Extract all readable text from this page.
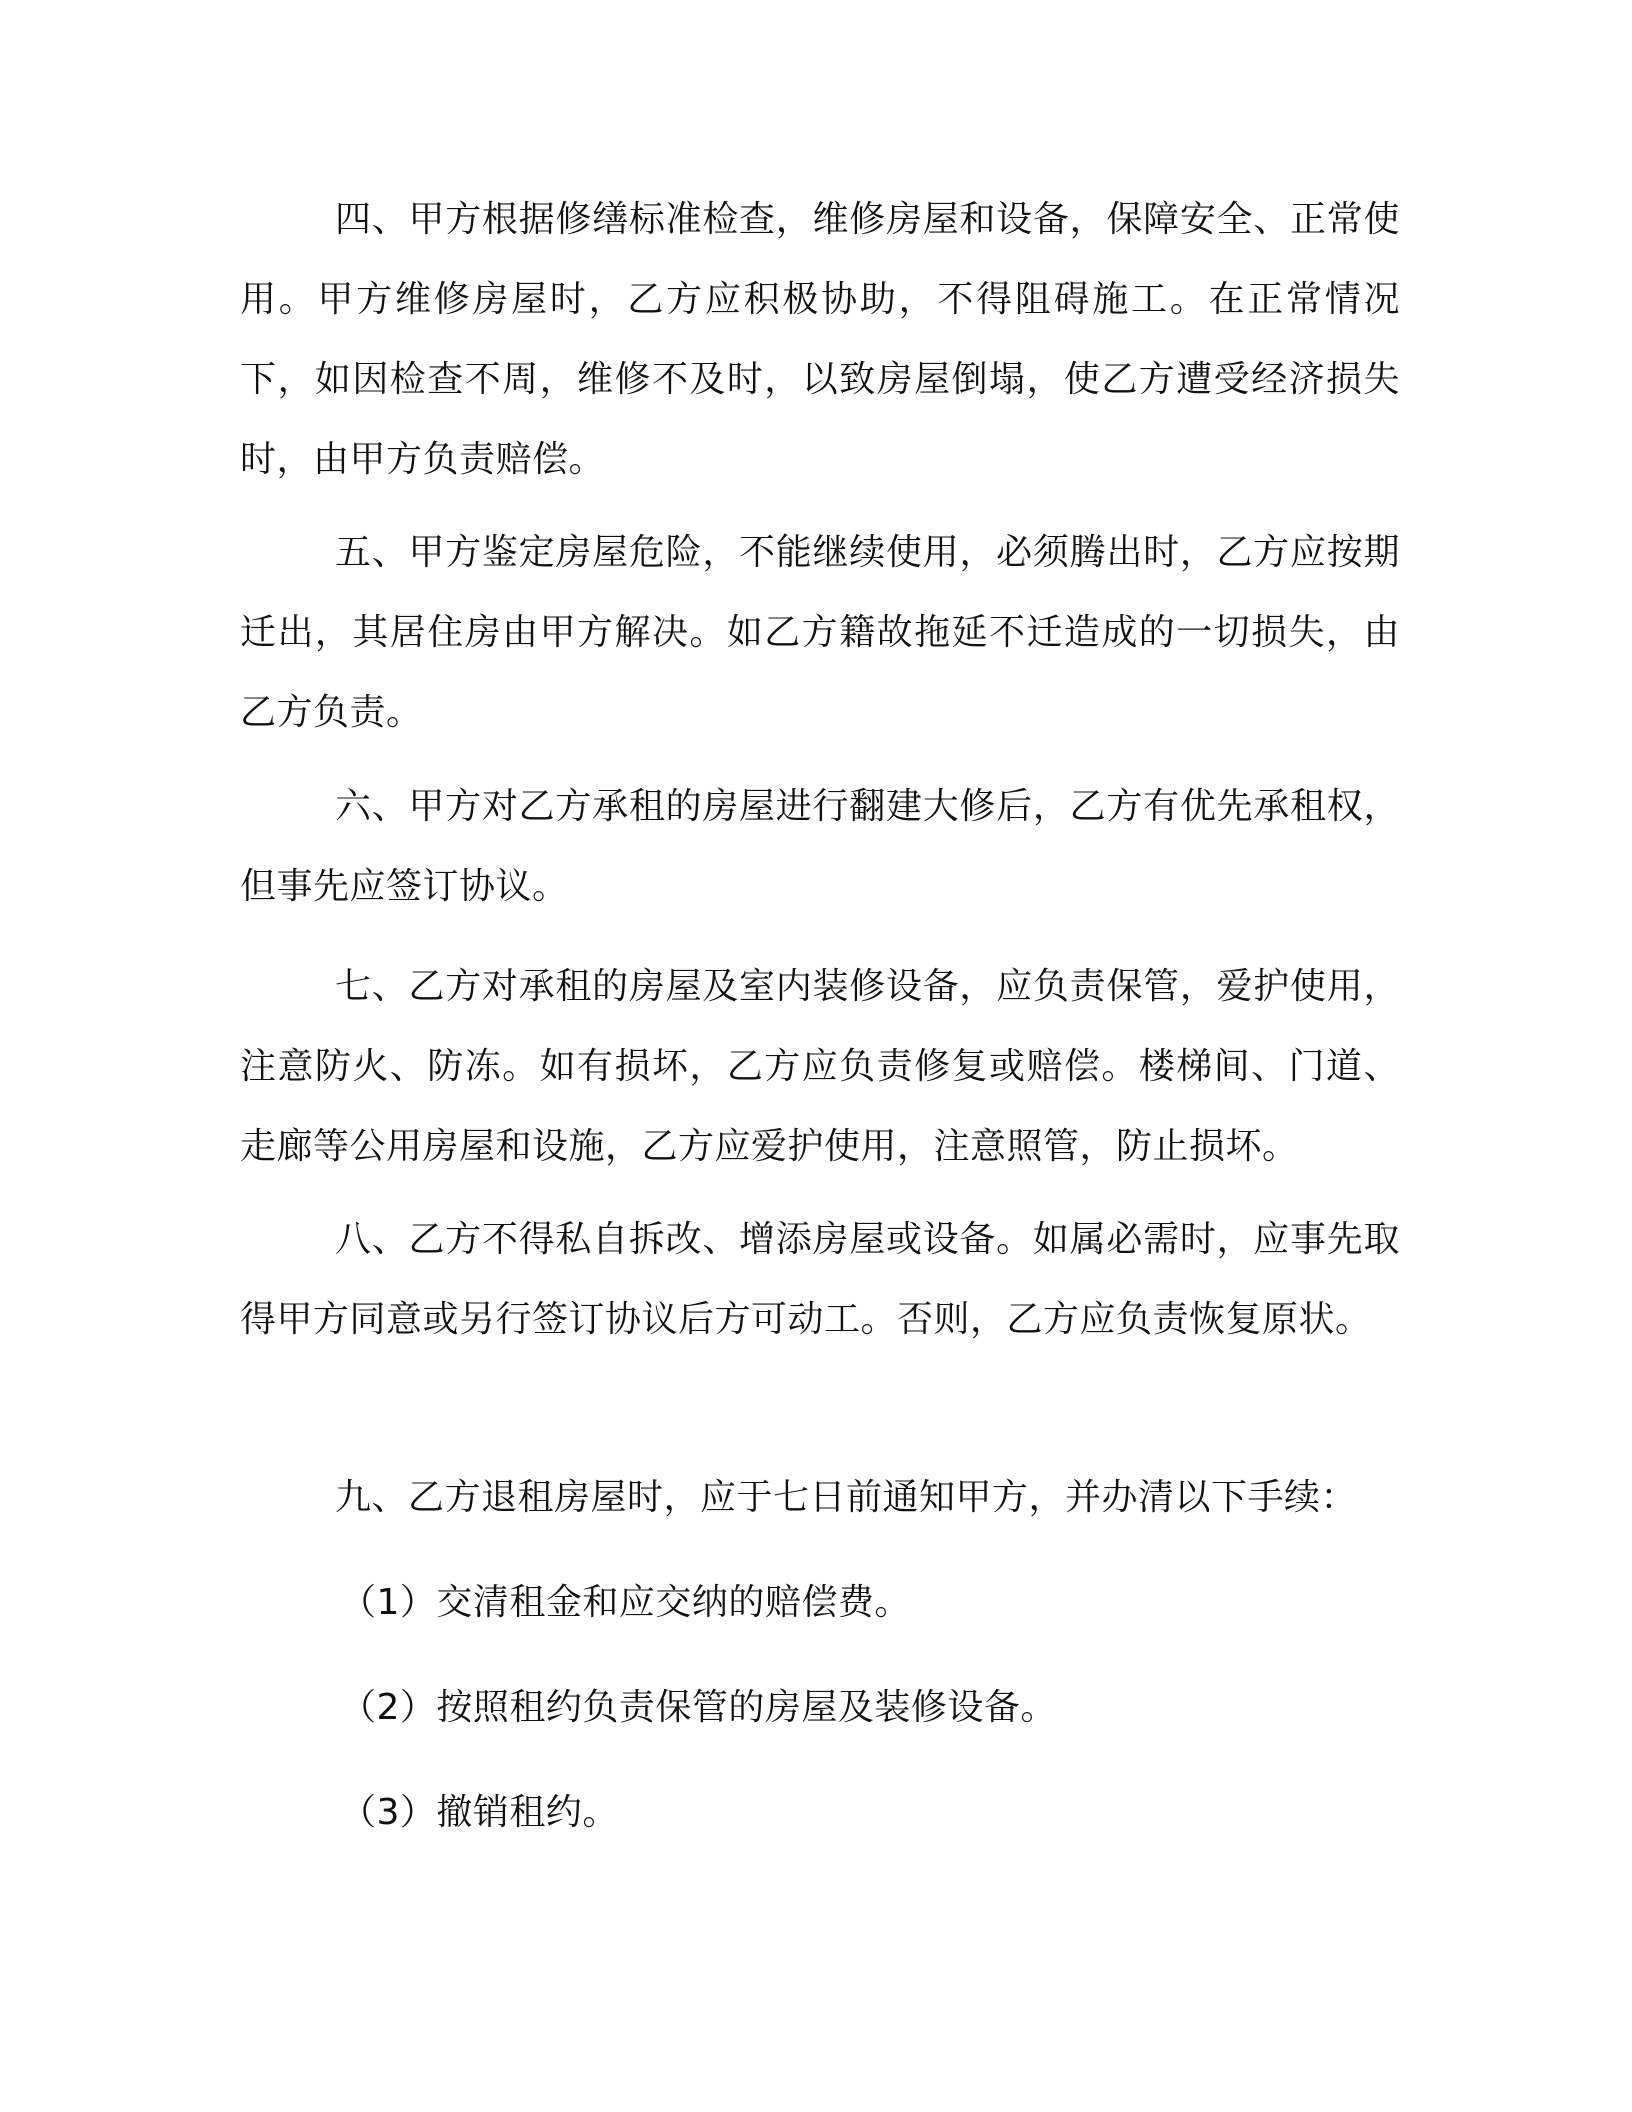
四、甲方根据修缮标准检查，维修房屋和设备，保障安全、正常使用。甲方维修房屋时，乙方应积极协助，不得阻碍施工。在正常情况下，如因检查不周，维修不及时，以致房屋倒塌，使乙方遭受经济损失时，由甲方负责赔偿。

五、甲方鉴定房屋危险，不能继续使用，必须腾出时，乙方应按期迁出，其居住房由甲方解决。如乙方籍故拖延不迁造成的一切损失，由乙方负责。

六、甲方对乙方承租的房屋进行翻建大修后，乙方有优先承租权，但事先应签订协议。

七、乙方对承租的房屋及室内装修设备，应负责保管，爱护使用，注意防火、防冻。如有损坏，乙方应负责修复或赔偿。楼梯间、门道、走廊等公用房屋和设施，乙方应爱护使用，注意照管，防止损坏。

八、乙方不得私自拆改、增添房屋或设备。如属必需时，应事先取得甲方同意或另行签订协议后方可动工。否则，乙方应负责恢复原状。

九、乙方退租房屋时，应于七日前通知甲方，并办清以下手续：

（1）交清租金和应交纳的赔偿费。

（2）按照租约负责保管的房屋及装修设备。

（3）撤销租约。
